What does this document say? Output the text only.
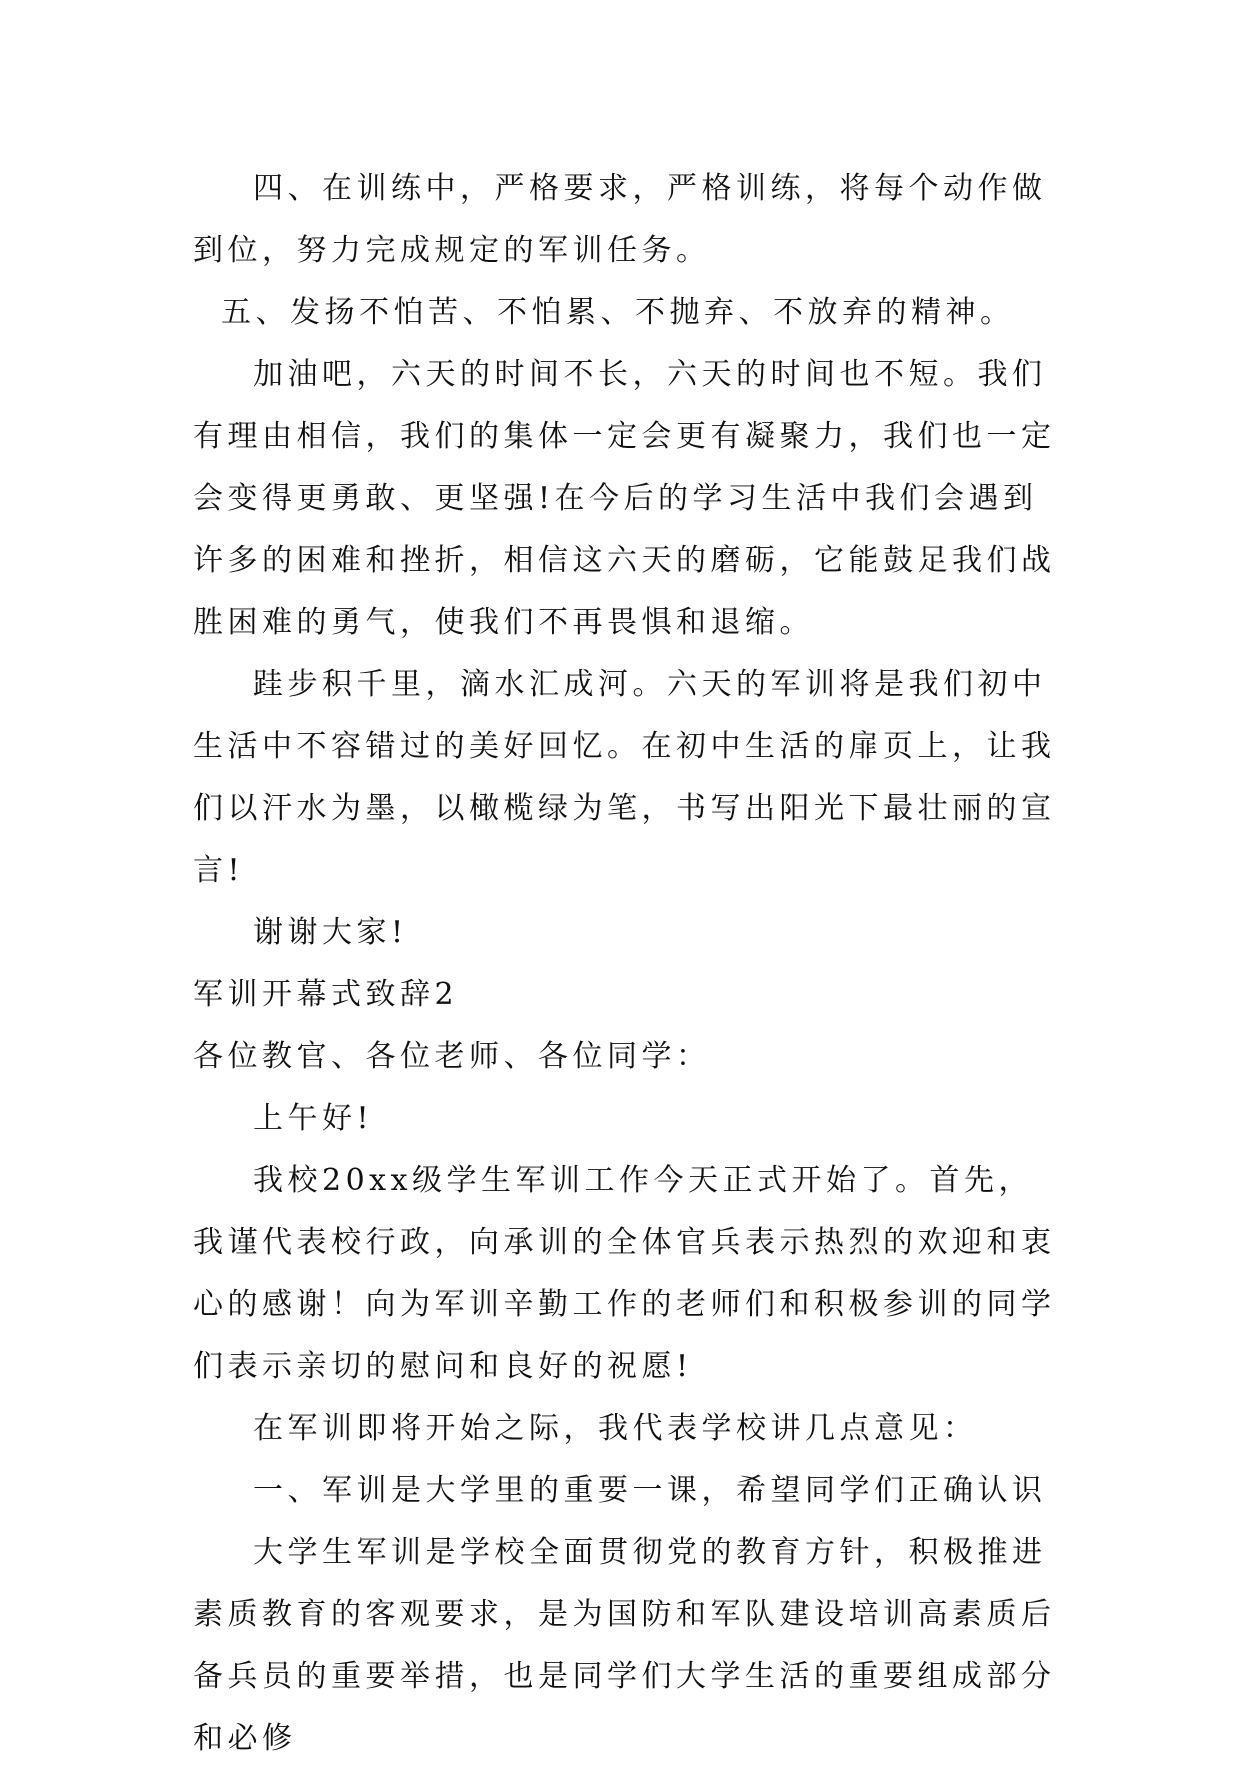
四、在训练中，严格要求，严格训练，将每个动作做到位，努力完成规定的军训任务。

五、发扬不怕苦、不怕累、不抛弃、不放弃的精神。

加油吧，六天的时间不长，六天的时间也不短。我们有理由相信，我们的集体一定会更有凝聚力，我们也一定会变得更勇敢、更坚强!在今后的学习生活中我们会遇到许多的困难和挫折，相信这六天的磨砺，它能鼓足我们战胜困难的勇气，使我们不再畏惧和退缩。

跬步积千里，滴水汇成河。六天的军训将是我们初中生活中不容错过的美好回忆。在初中生活的扉页上，让我们以汗水为墨，以橄榄绿为笔，书写出阳光下最壮丽的宣言!

谢谢大家!

军训开幕式致辞2

各位教官、各位老师、各位同学：

上午好!

我校20xx级学生军训工作今天正式开始了。首先，我谨代表校行政，向承训的全体官兵表示热烈的欢迎和衷心的感谢！向为军训辛勤工作的老师们和积极参训的同学们表示亲切的慰问和良好的祝愿!

在军训即将开始之际，我代表学校讲几点意见：

一、军训是大学里的重要一课，希望同学们正确认识

大学生军训是学校全面贯彻党的教育方针，积极推进素质教育的客观要求，是为国防和军队建设培训高素质后备兵员的重要举措，也是同学们大学生活的重要组成部分和必修
